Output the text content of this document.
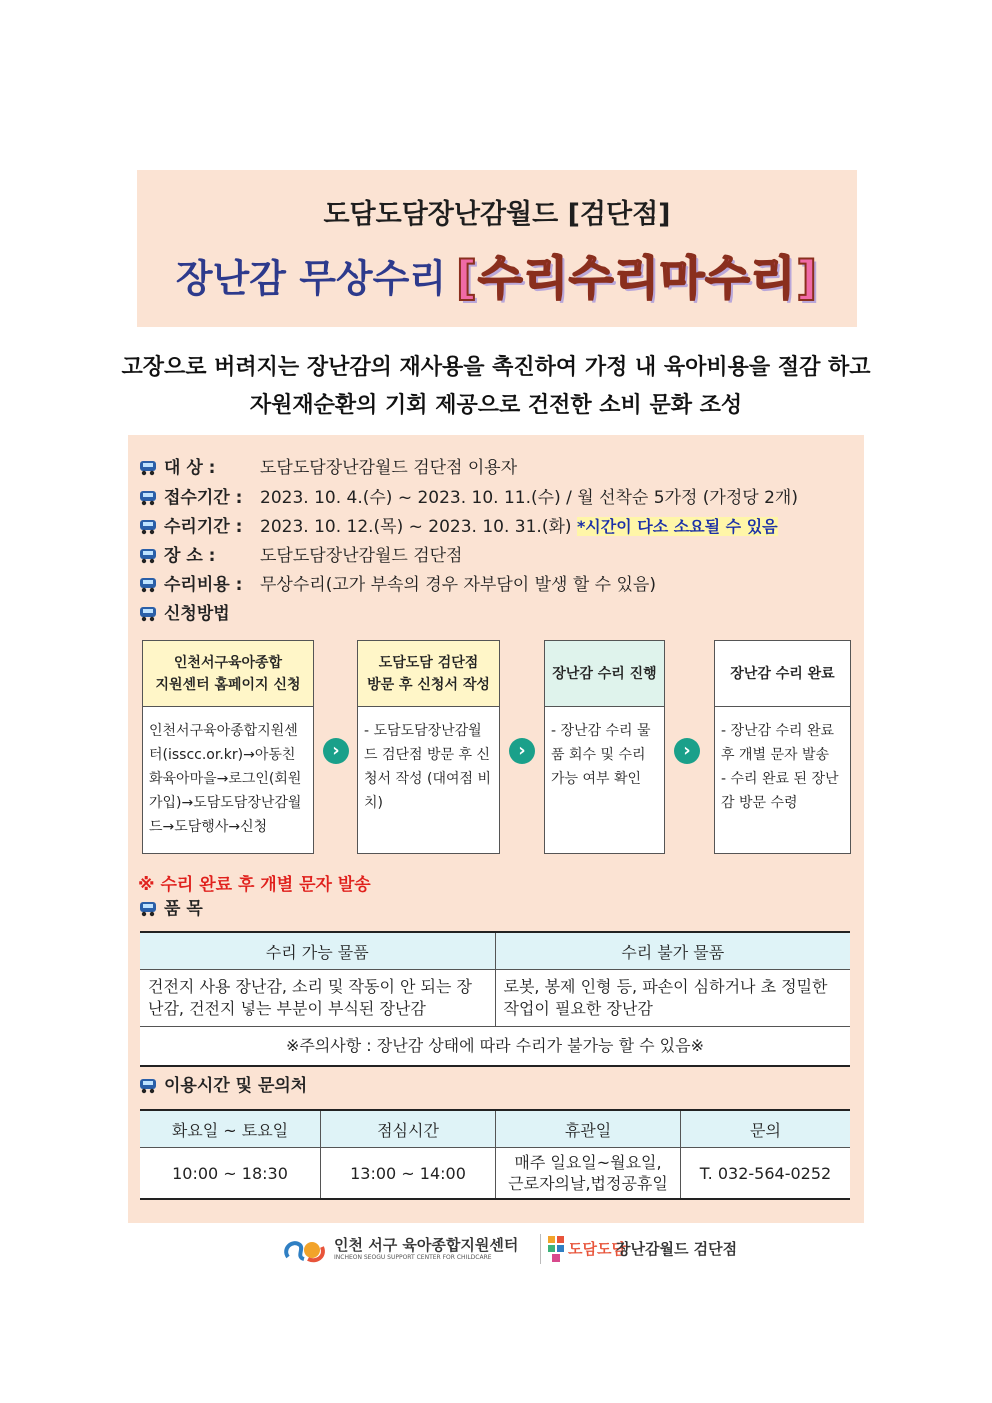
도담도담장난감월드 [검단점]
장난감 무상수리 [수리수리마수리]
고장으로 버려지는 장난감의 재사용을 촉진하여 가정 내 육아비용을 절감 하고
자원재순환의 기회 제공으로 건전한 소비 문화 조성
대 상 :	도담도담장난감월드 검단점 이용자
접수기간 : 2023. 10. 4.(수) ~ 2023. 10. 11.(수) / 월 선착순 5가정 (가정당 2개)
수리기간 : 2023. 10. 12.(목) ~ 2023. 10. 31.(화) *시간이 다소 소요될 수 있음
장 소 :	도담도담장난감월드 검단점
수리비용 : 무상수리(고가 부속의 경우 자부담이 발생 할 수 있음)
신청방법
인천서구육아종합
지원센터 홈페이지 신청
인천서구육아종합지원센터(isscc.or.kr)→아동친화육아마을→로그인(회원가입)→도담도담장난감월드→도담행사→신청
›
도담도담 검단점
방문 후 신청서 작성
- 도담도담장난감월드 검단점 방문 후 신청서 작성 (대여점 비치)
›
장난감 수리 진행
- 장난감 수리 물품 회수 및 수리 가능 여부 확인
›
장난감 수리 완료
- 장난감 수리 완료 후 개별 문자 발송
- 수리 완료 된 장난감 방문 수령
※ 수리 완료 후 개별 문자 발송
품 목
수리 가능 물품	수리 불가 물품
건전지 사용 장난감, 소리 및 작동이 안 되는 장난감, 건전지 넣는 부분이 부식된 장난감	로봇, 봉제 인형 등, 파손이 심하거나 초 정밀한 작업이 필요한 장난감
※주의사항 : 장난감 상태에 따라 수리가 불가능 할 수 있음※	
이용시간 및 문의처
화요일 ~ 토요일	점심시간	휴관일	문의
10:00 ~ 18:30	13:00 ~ 14:00	매주 일요일~월요일,
근로자의날,법정공휴일	T. 032-564-0252
인천 서구 육아종합지원센터
INCHEON SEOGU SUPPORT CENTER FOR CHILDCARE	도담도담
장난감월드 검단점
